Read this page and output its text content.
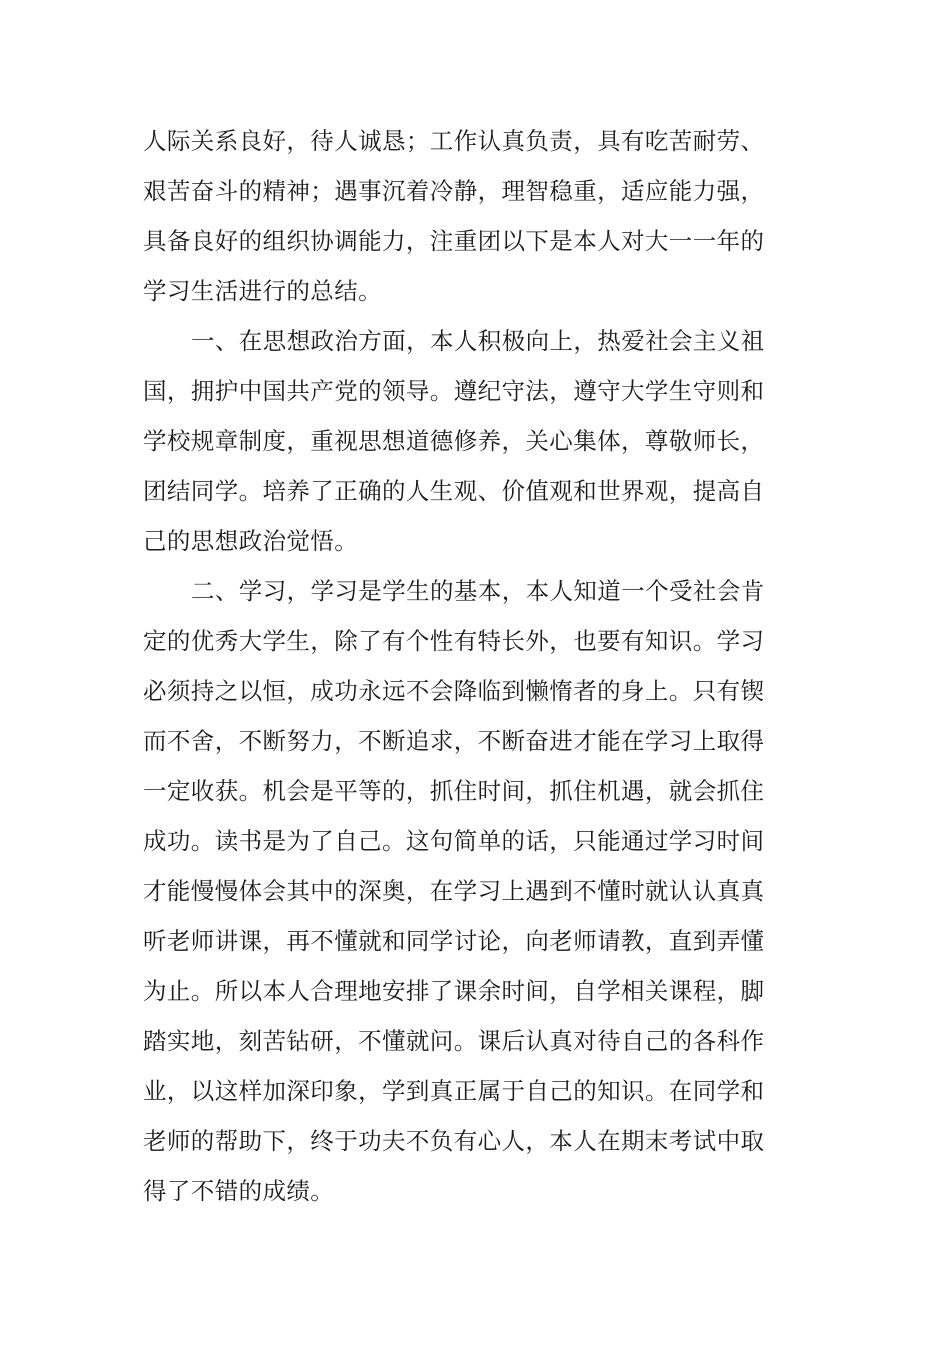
人际关系良好，待人诚恳；工作认真负责，具有吃苦耐劳、
艰苦奋斗的精神；遇事沉着冷静，理智稳重，适应能力强，
具备良好的组织协调能力，注重团以下是本人对大一一年的
学习生活进行的总结。
一、在思想政治方面，本人积极向上，热爱社会主义祖
国，拥护中国共产党的领导。遵纪守法，遵守大学生守则和
学校规章制度，重视思想道德修养，关心集体，尊敬师长，
团结同学。培养了正确的人生观、价值观和世界观，提高自
己的思想政治觉悟。
二、学习，学习是学生的基本，本人知道一个受社会肯
定的优秀大学生，除了有个性有特长外，也要有知识。学习
必须持之以恒，成功永远不会降临到懒惰者的身上。只有锲
而不舍，不断努力，不断追求，不断奋进才能在学习上取得
一定收获。机会是平等的，抓住时间，抓住机遇，就会抓住
成功。读书是为了自己。这句简单的话，只能通过学习时间
才能慢慢体会其中的深奥，在学习上遇到不懂时就认认真真
听老师讲课，再不懂就和同学讨论，向老师请教，直到弄懂
为止。所以本人合理地安排了课余时间，自学相关课程，脚
踏实地，刻苦钻研，不懂就问。课后认真对待自己的各科作
业，以这样加深印象，学到真正属于自己的知识。在同学和
老师的帮助下，终于功夫不负有心人，本人在期末考试中取
得了不错的成绩。
